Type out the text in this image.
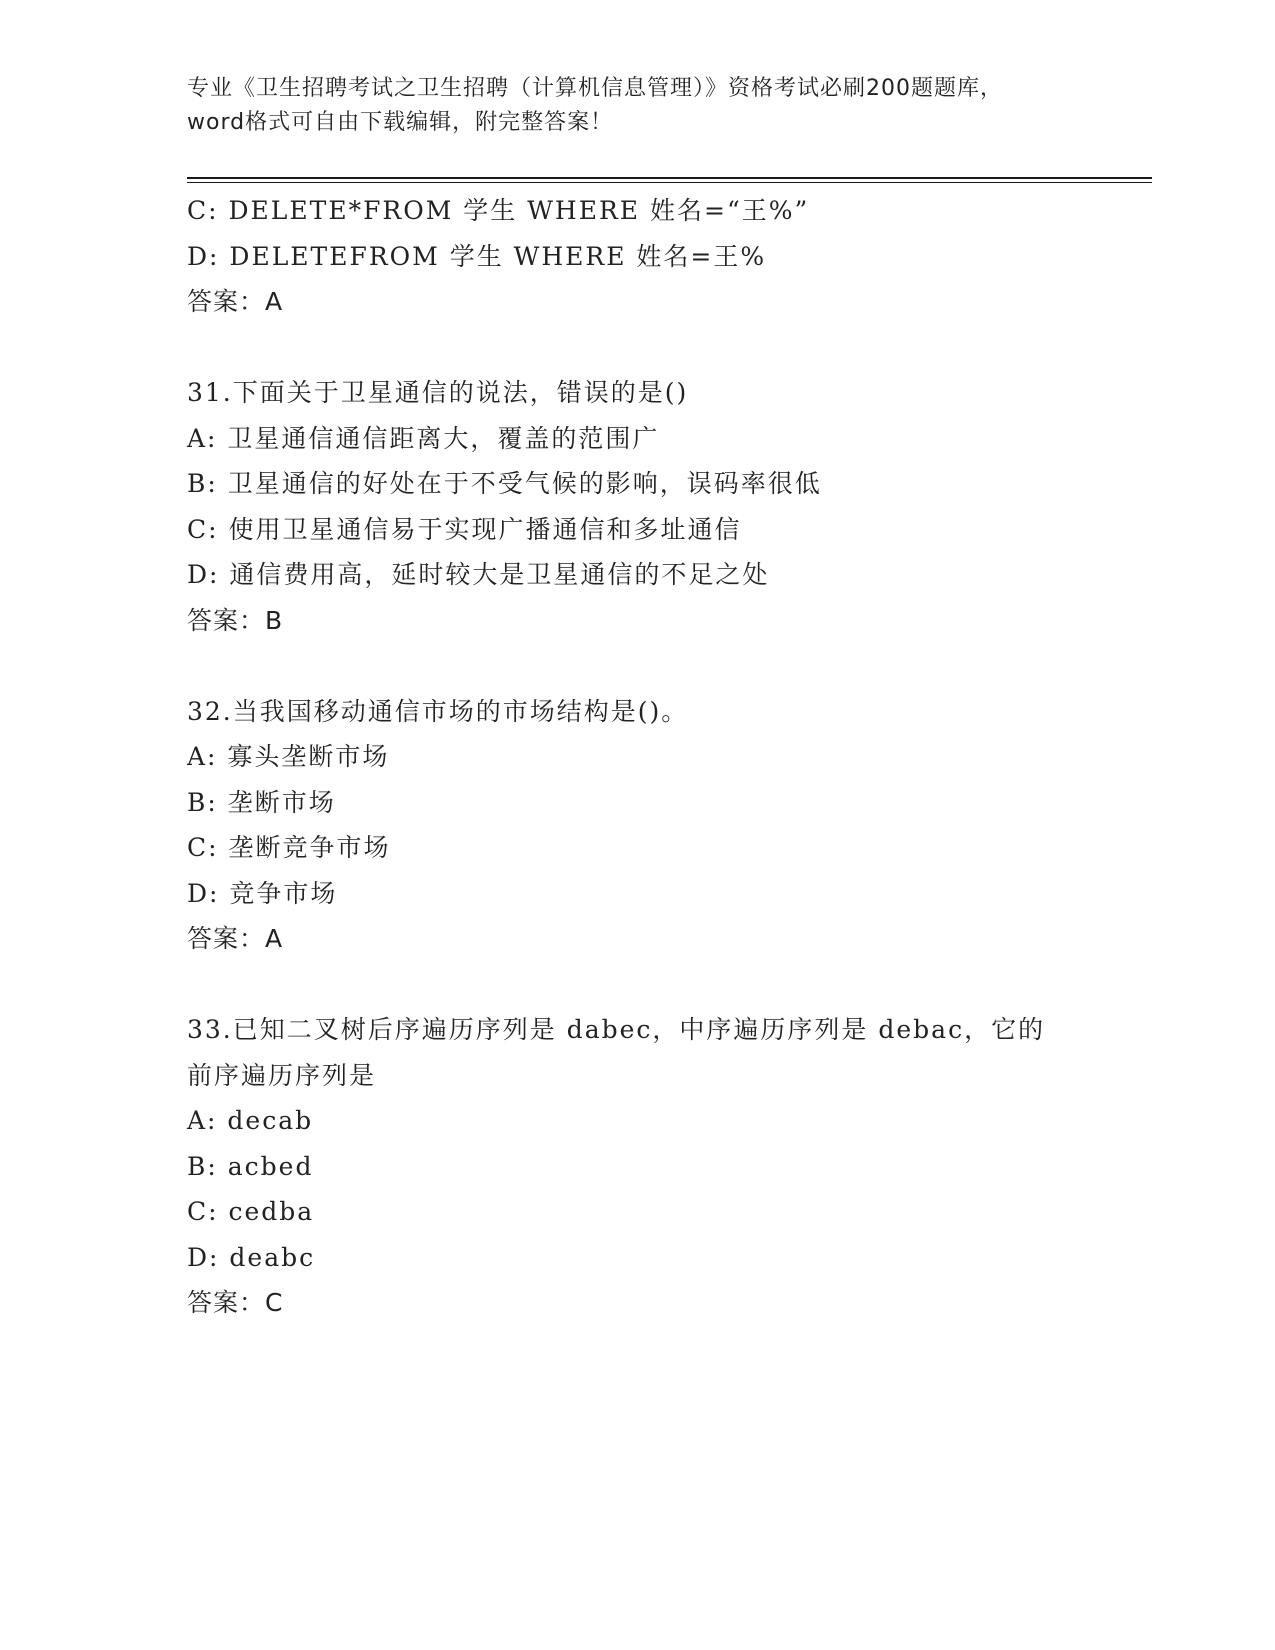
专业《卫生招聘考试之卫生招聘（计算机信息管理）》资格考试必刷200题题库，
word格式可自由下载编辑，附完整答案！
C: DELETE*FROM 学生 WHERE 姓名=“王%”
D: DELETEFROM 学生 WHERE 姓名=王%
答案：A
31.下面关于卫星通信的说法，错误的是()
A: 卫星通信通信距离大，覆盖的范围广
B: 卫星通信的好处在于不受气候的影响，误码率很低
C: 使用卫星通信易于实现广播通信和多址通信
D: 通信费用高，延时较大是卫星通信的不足之处
答案：B
32.当我国移动通信市场的市场结构是()。
A: 寡头垄断市场
B: 垄断市场
C: 垄断竞争市场
D: 竞争市场
答案：A
33.已知二叉树后序遍历序列是 dabec，中序遍历序列是 debac，它的
前序遍历序列是
A: decab
B: acbed
C: cedba
D: deabc
答案：C
